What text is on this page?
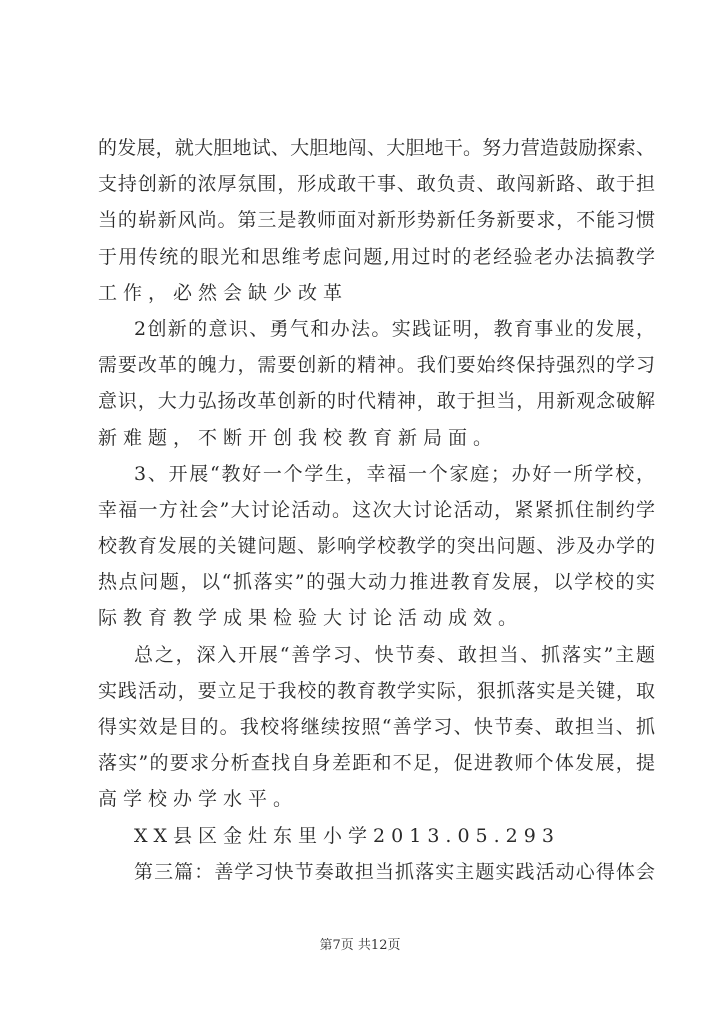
的发展，就大胆地试、大胆地闯、大胆地干。努力营造鼓励探索、
支持创新的浓厚氛围，形成敢干事、敢负责、敢闯新路、敢于担
当的崭新风尚。第三是教师面对新形势新任务新要求，不能习惯
于用传统的眼光和思维考虑问题,用过时的老经验老办法搞教学
工作，必然会缺少改革
2创新的意识、勇气和办法。实践证明，教育事业的发展，
需要改革的魄力，需要创新的精神。我们要始终保持强烈的学习
意识，大力弘扬改革创新的时代精神，敢于担当，用新观念破解
新难题，不断开创我校教育新局面。
3、开展“教好一个学生，幸福一个家庭；办好一所学校，
幸福一方社会”大讨论活动。这次大讨论活动，紧紧抓住制约学
校教育发展的关键问题、影响学校教学的突出问题、涉及办学的
热点问题，以“抓落实”的强大动力推进教育发展，以学校的实
际教育教学成果检验大讨论活动成效。
总之，深入开展“善学习、快节奏、敢担当、抓落实”主题
实践活动，要立足于我校的教育教学实际，狠抓落实是关键，取
得实效是目的。我校将继续按照“善学习、快节奏、敢担当、抓
落实”的要求分析查找自身差距和不足，促进教师个体发展，提
高学校办学水平。
XX县区金灶东里小学2013.05.293
第三篇：善学习快节奏敢担当抓落实主题实践活动心得体会
第7页 共12页
